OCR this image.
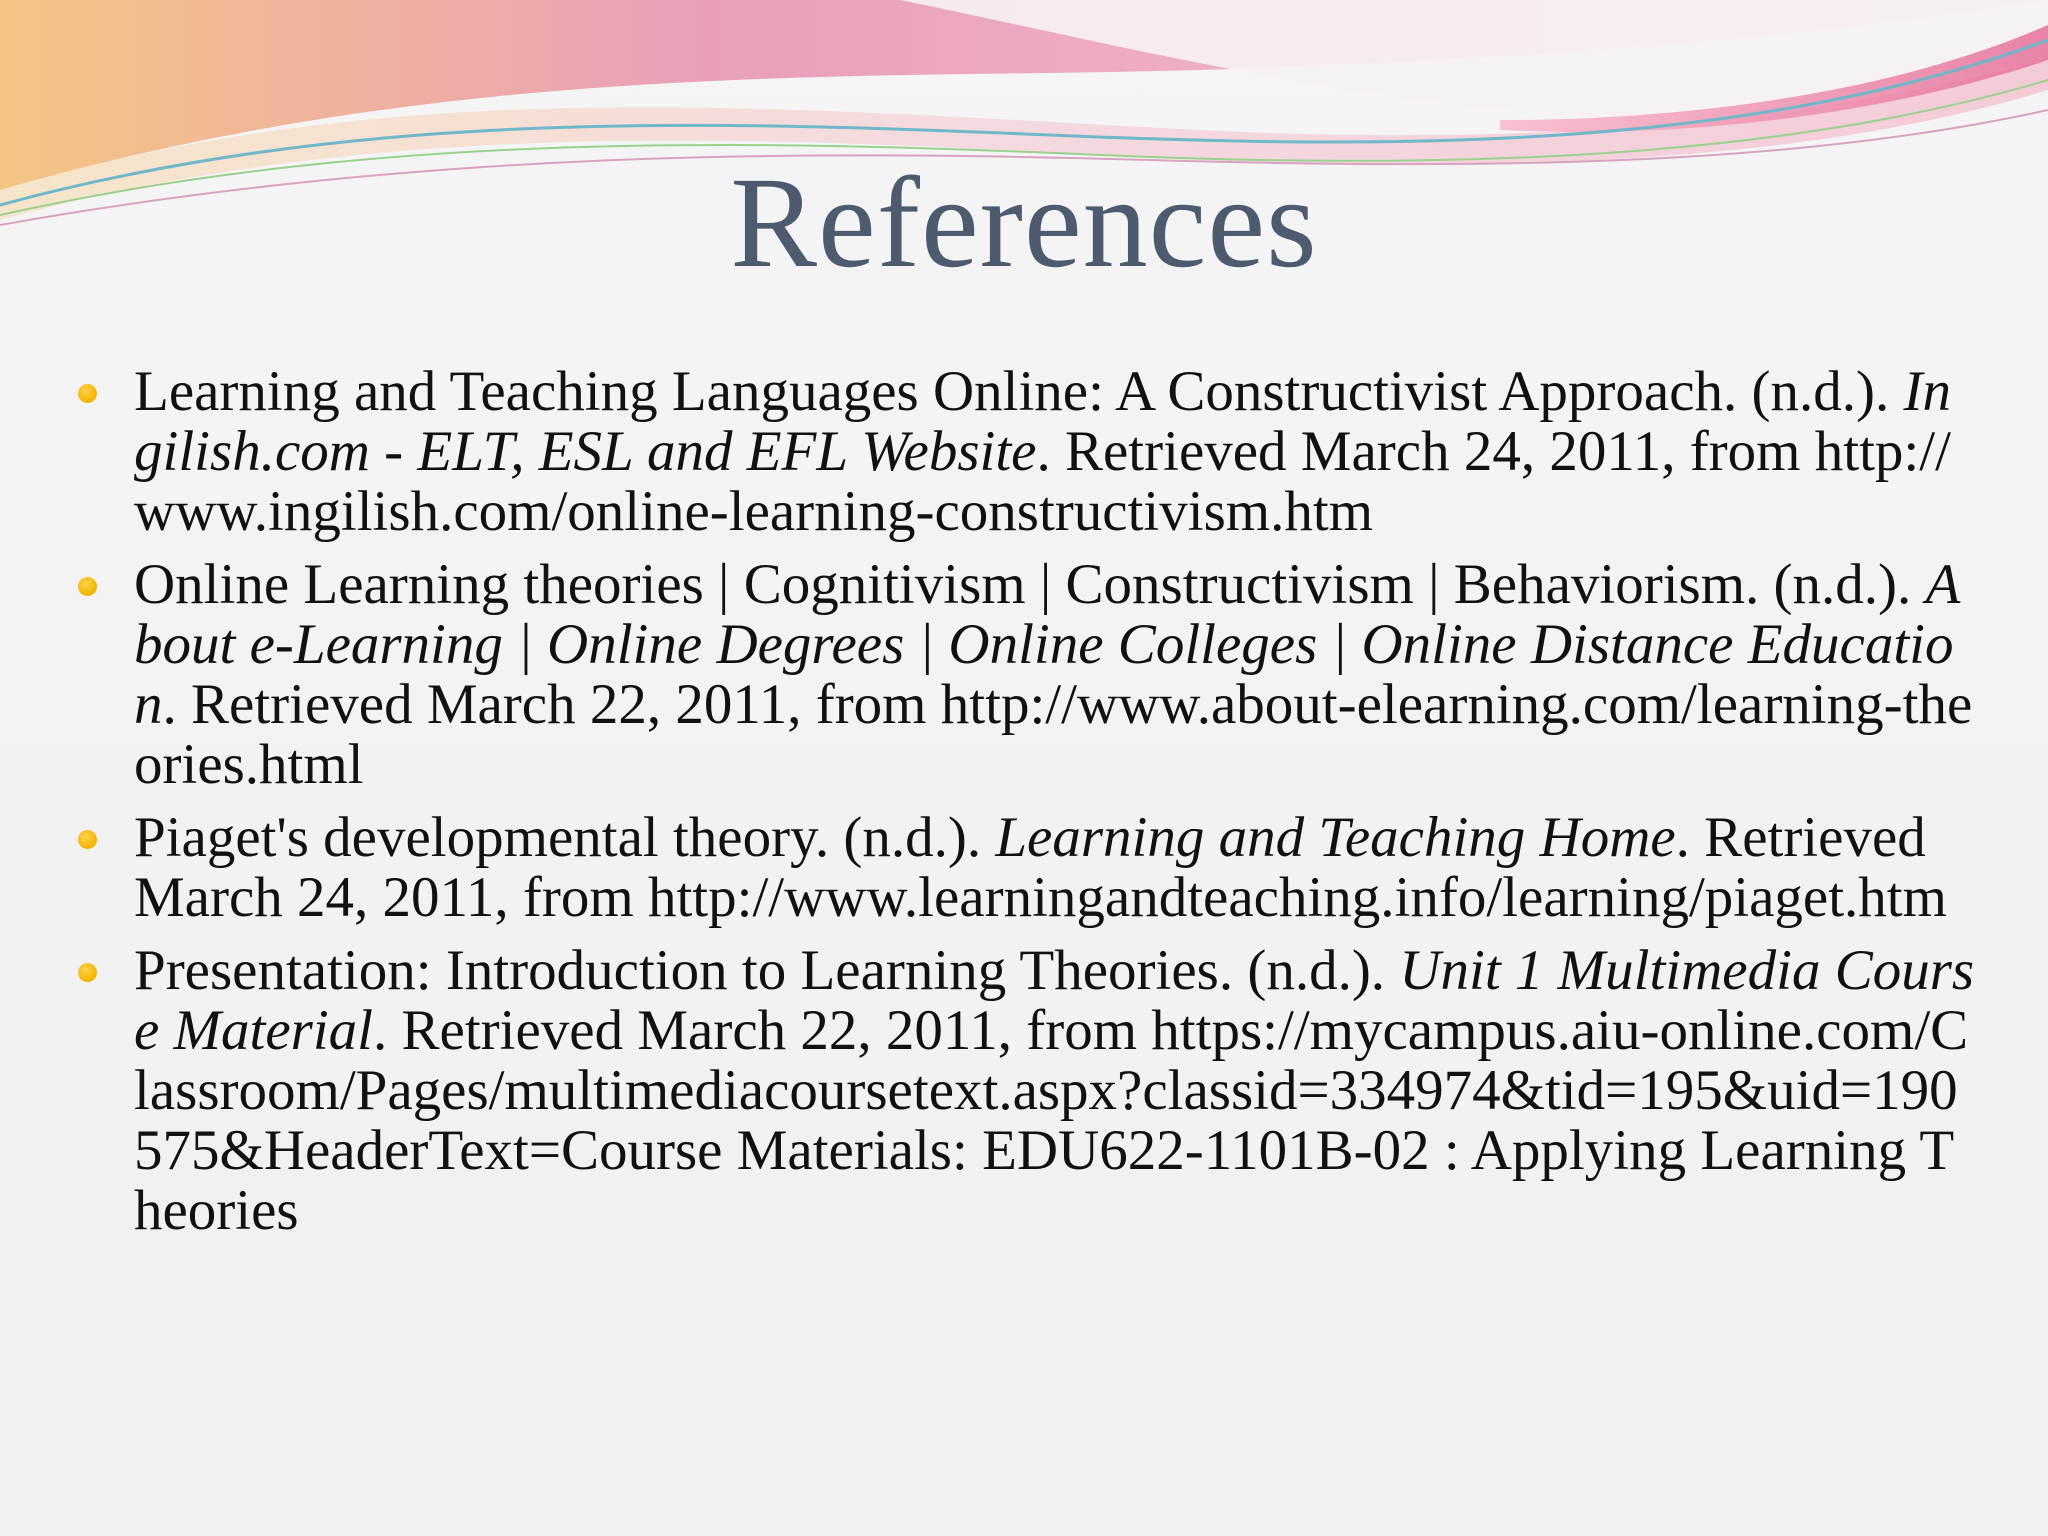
References
Learning and Teaching Languages Online: A Constructivist Approach. (n.d.). Ingilish.com - ELT, ESL and EFL Website. Retrieved March 24, 2011, from http://www.ingilish.com/online-learning-constructivism.htm
Online Learning theories | Cognitivism | Constructivism | Behaviorism. (n.d.). About e-Learning | Online Degrees | Online Colleges | Online Distance Education. Retrieved March 22, 2011, from http://www.about-elearning.com/learning-theories.html
Piaget's developmental theory. (n.d.). Learning and Teaching Home. Retrieved March 24, 2011, from http://www.learningandteaching.info/learning/piaget.htm
Presentation: Introduction to Learning Theories. (n.d.). Unit 1 Multimedia Course Material. Retrieved March 22, 2011, from https://mycampus.aiu-online.com/Classroom/Pages/multimediacoursetext.aspx?classid=334974&tid=195&uid=190575&HeaderText=Course Materials: EDU622-1101B-02 : Applying Learning Theories
